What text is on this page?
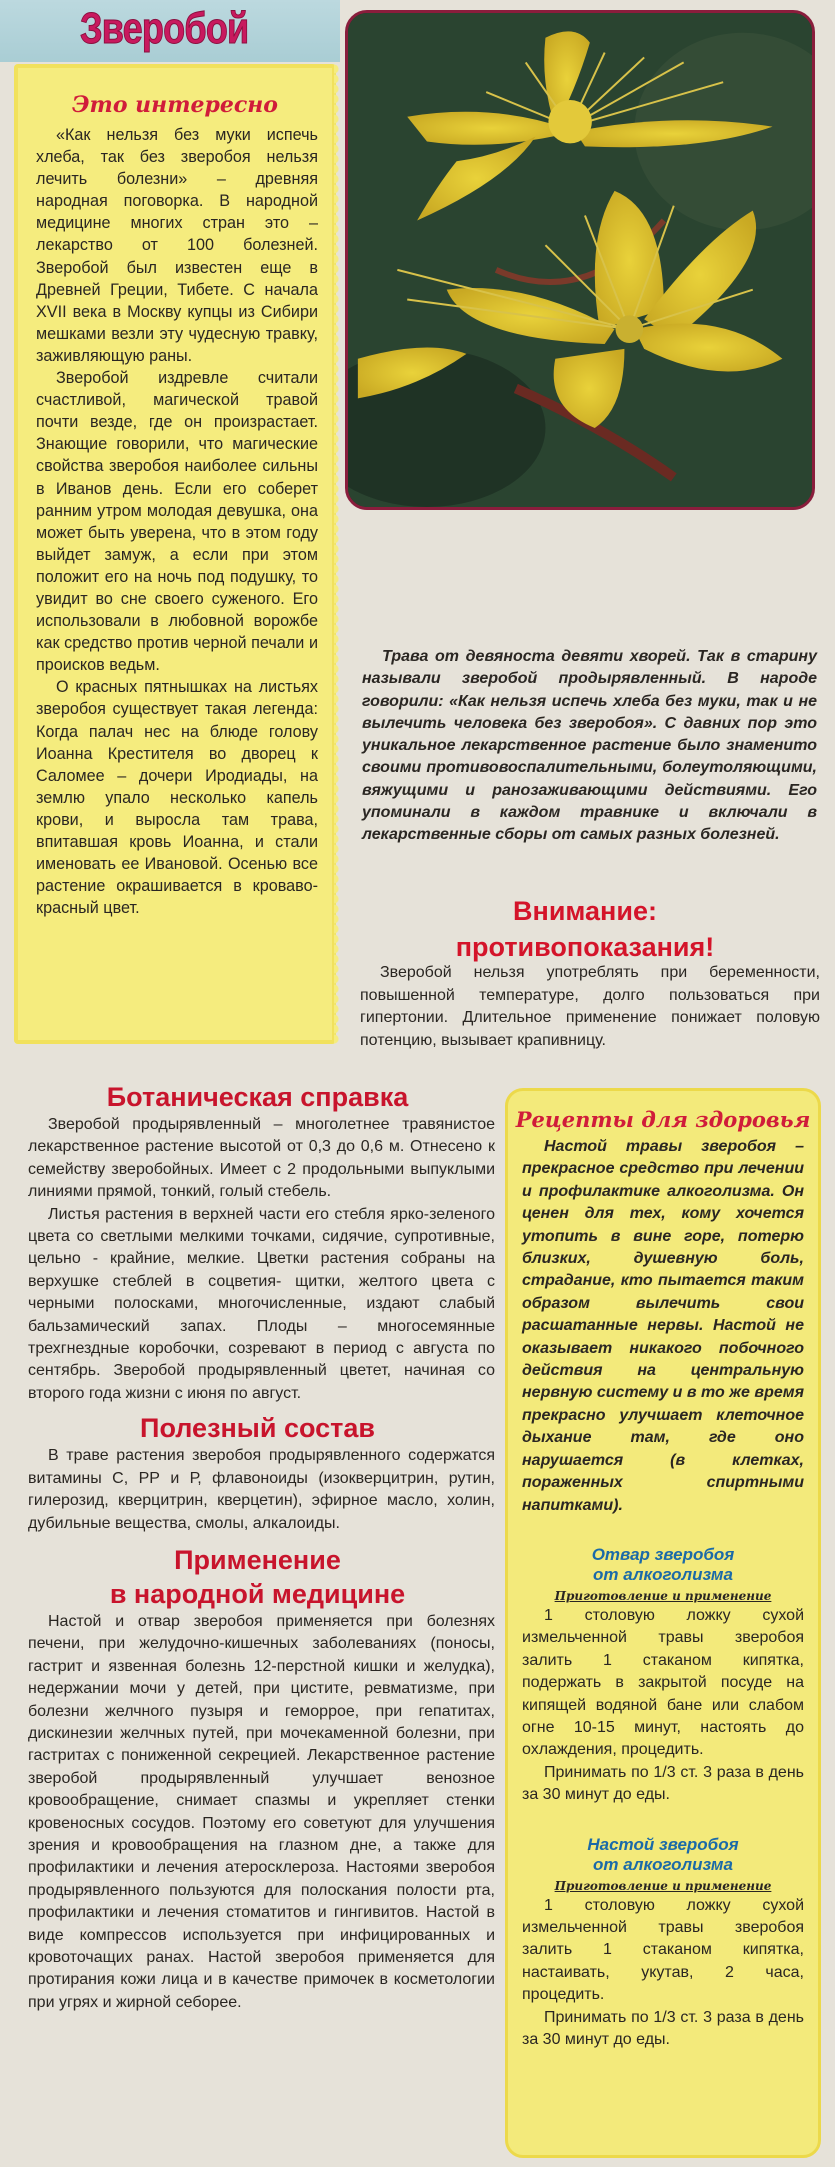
Зверобой
Это интересно

«Как нельзя без муки испечь хлеба, так без зверобоя нельзя лечить болезни» – древняя народная поговорка. В народной медицине многих стран это – лекарство от 100 болезней. Зверобой был известен еще в Древней Греции, Тибете. С начала XVII века в Москву купцы из Сибири мешками везли эту чудесную травку, заживляющую раны.

Зверобой издревле считали счастливой, магической травой почти везде, где он произрастает. Знающие говорили, что магические свойства зверобоя наиболее сильны в Иванов день. Если его соберет ранним утром молодая девушка, она может быть уверена, что в этом году выйдет замуж, а если при этом положит его на ночь под подушку, то увидит во сне своего суженого. Его использовали в любовной ворожбе как средство против черной печали и происков ведьм.

О красных пятнышках на листьях зверобоя существует такая легенда: Когда палач нес на блюде голову Иоанна Крестителя во дворец к Саломее – дочери Иродиады, на землю упало несколько капель крови, и выросла там трава, впитавшая кровь Иоанна, и стали именовать ее Ивановой. Осенью все растение окрашивается в кроваво-красный цвет.

Трава от девяноста девяти хворей. Так в старину называли зверобой продырявленный. В народе говорили: «Как нельзя испечь хлеба без муки, так и не вылечить человека без зверобоя». С давних пор это уникальное лекарственное растение было знаменито своими противовоспалительными, болеутоляющими, вяжущими и ранозаживающими действиями. Его упоминали в каждом травнике и включали в лекарственные сборы от самых разных болезней.

Внимание:
противопоказания!

Зверобой нельзя употреблять при беременности, повышенной температуре, долго пользоваться при гипертонии. Длительное применение понижает половую потенцию, вызывает крапивницу.

Ботаническая справка

Зверобой продырявленный – многолетнее травянистое лекарственное растение высотой от 0,3 до 0,6 м. Отнесено к семейству зверобойных. Имеет с 2 продольными выпуклыми линиями прямой, тонкий, голый стебель.

Листья растения в верхней части его стебля ярко-зеленого цвета со светлыми мелкими точками, сидячие, супротивные, цельно - крайние, мелкие. Цветки растения собраны на верхушке стеблей в соцветия- щитки, желтого цвета с черными полосками, многочисленные, издают слабый бальзамический запах. Плоды – многосемянные трехгнездные коробочки, созревают в период с августа по сентябрь. Зверобой продырявленный цветет, начиная со второго года жизни с июня по август.

Полезный состав

В траве растения зверобоя продырявленного содержатся витамины С, РР и Р, флавоноиды (изокверцитрин, рутин, гилерозид, кверцитрин, кверцетин), эфирное масло, холин, дубильные вещества, смолы, алкалоиды.

Применение
в народной медицине

Настой и отвар зверобоя применяется при болезнях печени, при желудочно-кишечных заболеваниях (поносы, гастрит и язвенная болезнь 12-перстной кишки и желудка), недержании мочи у детей, при цистите, ревматизме, при болезни желчного пузыря и геморрое, при гепатитах, дискинезии желчных путей, при мочекаменной болезни, при гастритах с пониженной секрецией. Лекарственное растение зверобой продырявленный улучшает венозное кровообращение, снимает спазмы и укрепляет стенки кровеносных сосудов. Поэтому его советуют для улучшения зрения и кровообращения на глазном дне, а также для профилактики и лечения атеросклероза. Настоями зверобоя продырявленного пользуются для полоскания полости рта, профилактики и лечения стоматитов и гингивитов. Настой в виде компрессов используется при инфицированных и кровоточащих ранах. Настой зверобоя применяется для протирания кожи лица и в качестве примочек в косметологии при угрях и жирной себорее.

Рецепты для здоровья

Настой травы зверобоя – прекрасное средство при лечении и профилактике алкоголизма. Он ценен для тех, кому хочется утопить в вине горе, потерю близких, душевную боль, страдание, кто пытается таким образом вылечить свои расшатанные нервы. Настой не оказывает никакого побочного действия на центральную нервную систему и в то же время прекрасно улучшает клеточное дыхание там, где оно нарушается (в клетках, пораженных спиртными напитками).

Отвар зверобоя
от алкоголизма
Приготовление и применение

1 столовую ложку сухой измельченной травы зверобоя залить 1 стаканом кипятка, подержать в закрытой посуде на кипящей водяной бане или слабом огне 10-15 минут, настоять до охлаждения, процедить.

Принимать по 1/3 ст. 3 раза в день за 30 минут до еды.

Настой зверобоя
от алкоголизма
Приготовление и применение

1 столовую ложку сухой измельченной травы зверобоя залить 1 стаканом кипятка, настаивать, укутав, 2 часа, процедить.

Принимать по 1/3 ст. 3 раза в день за 30 минут до еды.
